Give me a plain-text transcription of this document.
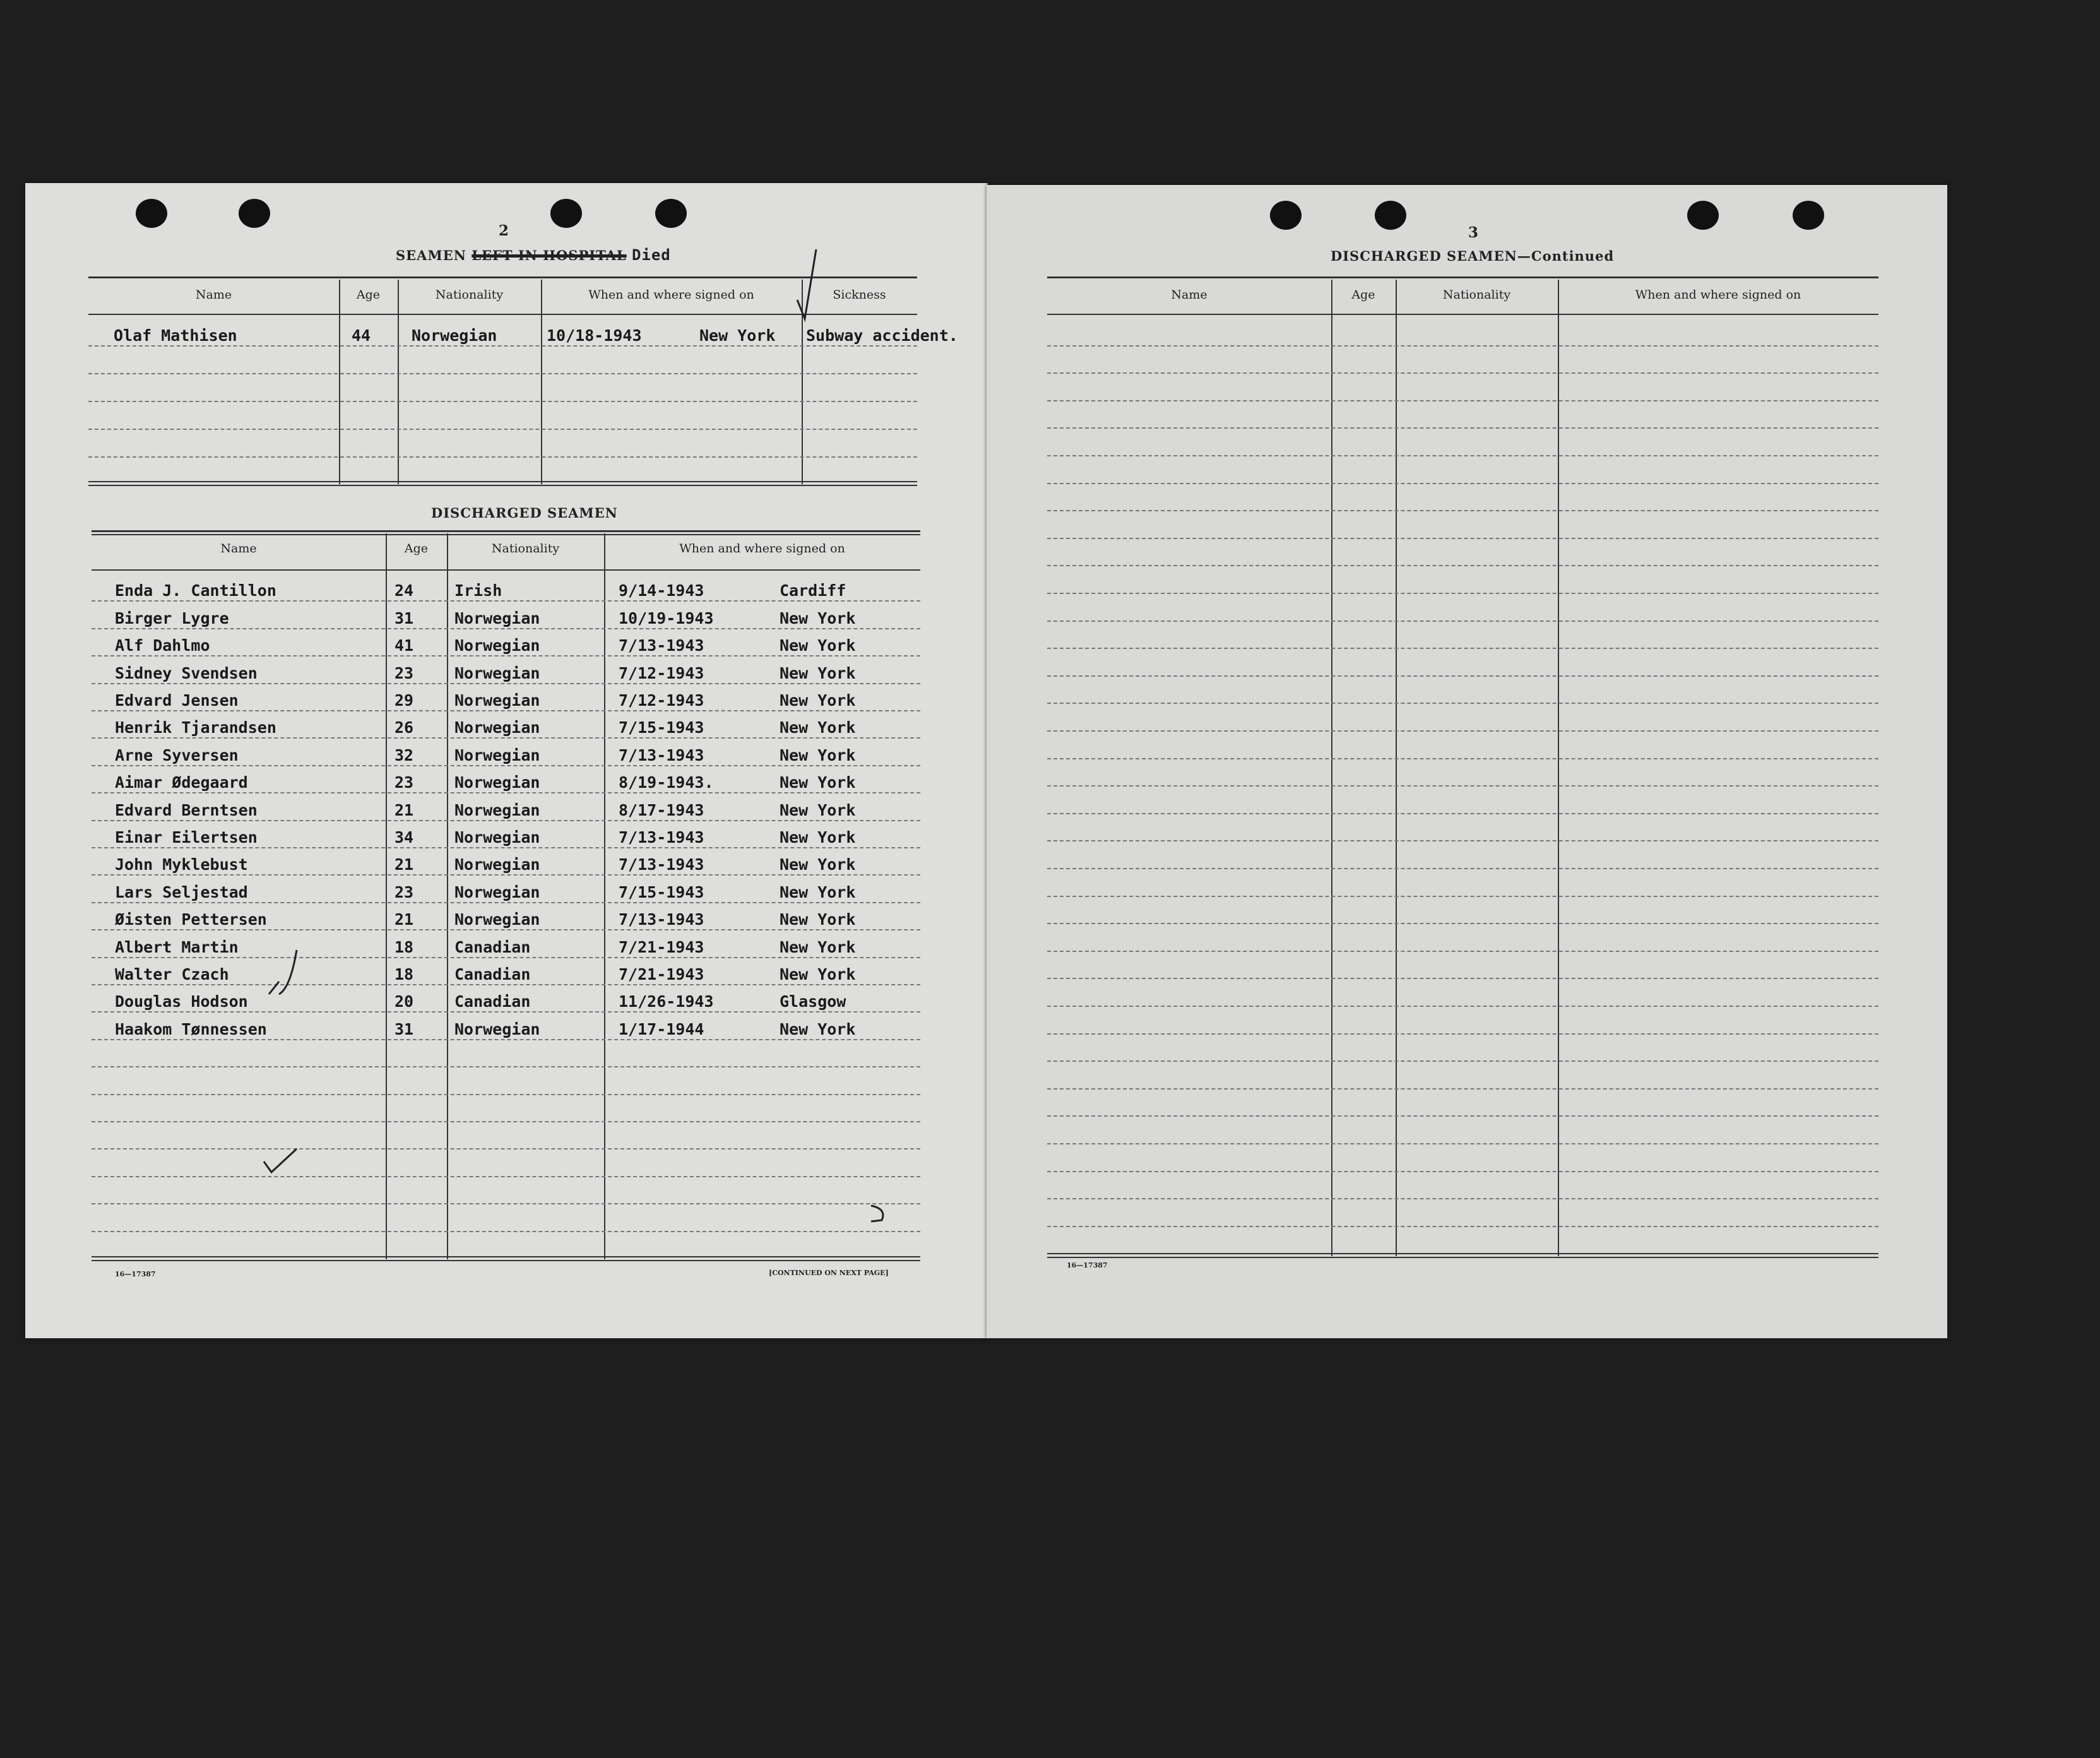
2
SEAMEN LEFT IN HOSPITAL Died
Name	Age	Nationality	When and where signed on	Sickness
Olaf Mathisen	44	Norwegian	10/18-1943	New York Subway accident.
DISCHARGED SEAMEN
Name	Age	Nationality	When and where signed on
Enda J. Cantillon	24	Irish	9/14-1943	Cardiff
Birger Lygre	31	Norwegian	10/19-1943	New York
Alf Dahlmo	41	Norwegian	7/13-1943	New York
Sidney Svendsen	23	Norwegian	7/12-1943	New York
Edvard Jensen	29	Norwegian	7/12-1943	New York
Henrik Tjarandsen	26	Norwegian	7/15-1943	New York
Arne Syversen	32	Norwegian	7/13-1943	New York
Aimar Ødegaard	23	Norwegian	8/19-1943.	New York
Edvard Berntsen	21	Norwegian	8/17-1943	New York
Einar Eilertsen	34	Norwegian	7/13-1943	New York
John Myklebust	21	Norwegian	7/13-1943	New York
Lars Seljestad	23	Norwegian	7/15-1943	New York
Øisten Pettersen	21	Norwegian	7/13-1943	New York
Albert Martin	18	Canadian	7/21-1943	New York
Walter Czach	18	Canadian	7/21-1943	New York
Douglas Hodson	20	Canadian	11/26-1943	Glasgow
Haakom Tønnessen	31	Norwegian	1/17-1944	New York
16—17387	[CONTINUED ON NEXT PAGE]
3
DISCHARGED SEAMEN—Continued
Name	Age	Nationality	When and where signed on
16—17387
